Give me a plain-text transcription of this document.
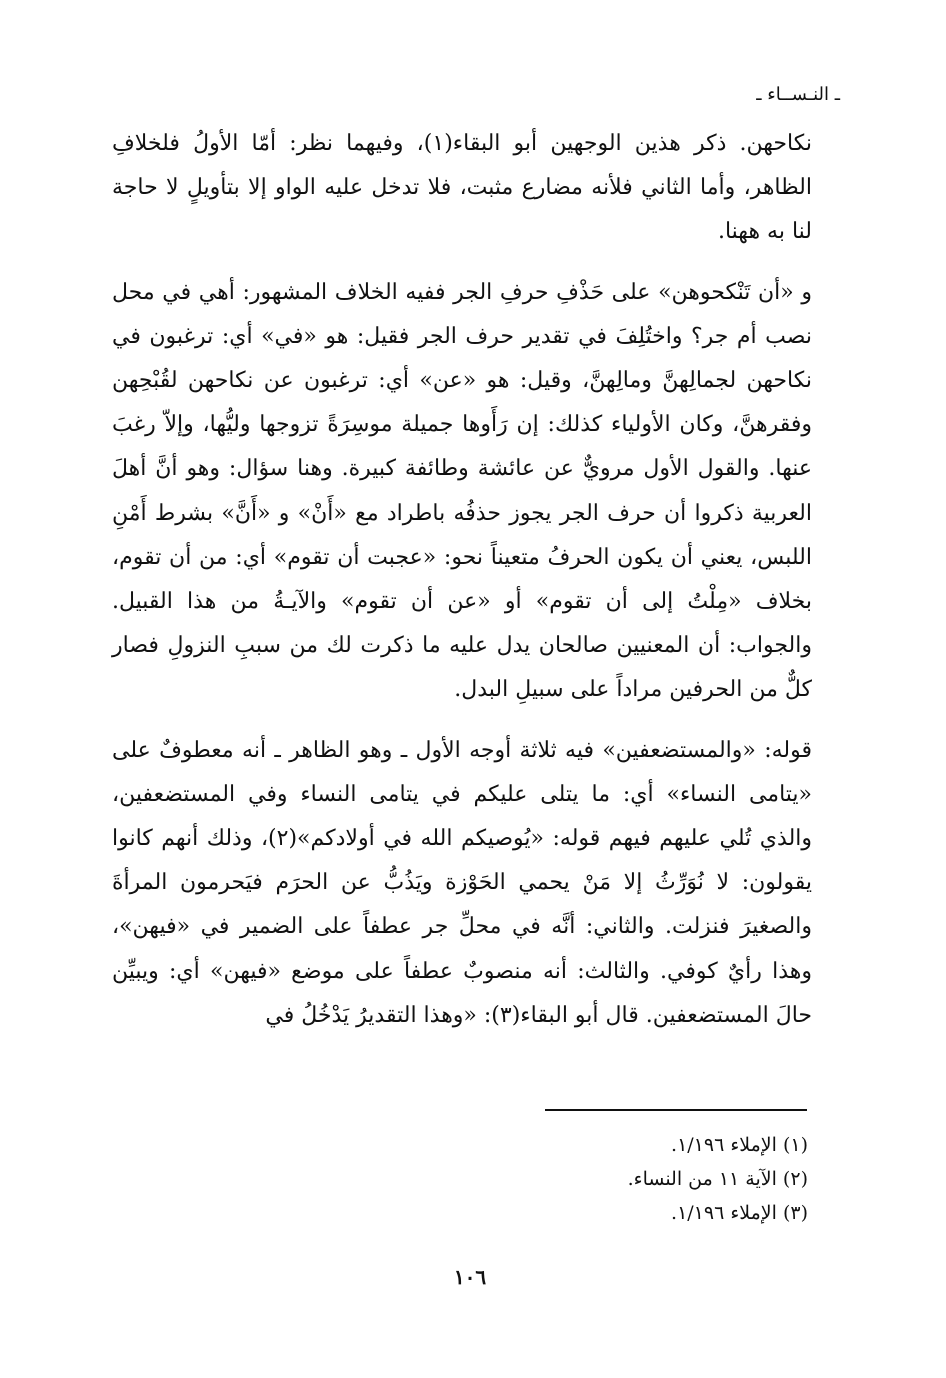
ـ النـســاء ـ

نكاحهن. ذكر هذين الوجهين أبو البقاء(١)، وفيهما نظر: أمّا الأولُ فلخلافِ الظاهر، وأما الثاني فلأنه مضارع مثبت، فلا تدخل عليه الواو إلا بتأويلٍ لا حاجة لنا به ههنا.

و «أن تَنْكحوهن» على حَذْفِ حرفِ الجر ففيه الخلاف المشهور: أهي في محل نصب أم جر؟ واختُلِفَ في تقدير حرف الجر فقيل: هو «في» أي: ترغبون في نكاحهن لجمالِهنَّ ومالِهنَّ، وقيل: هو «عن» أي: ترغبون عن نكاحهن لقُبْحِهن وفقرهنَّ، وكان الأولياء كذلك: إن رَأَوها جميلة موسِرَةً تزوجها وليُّها، وإلاّ رغبَ عنها. والقول الأول مرويٌّ عن عائشة وطائفة كبيرة. وهنا سؤال: وهو أنَّ أهلَ العربية ذكروا أن حرف الجر يجوز حذفُه باطراد مع «أَنْ» و «أَنَّ» بشرط أَمْنِ اللبس، يعني أن يكون الحرفُ متعيناً نحو: «عجبت أن تقوم» أي: من أن تقوم، بخلاف «مِلْتُ إلى أن تقوم» أو «عن أن تقوم» والآيـةُ من هذا القبيل. والجواب: أن المعنيين صالحان يدل عليه ما ذكرت لك من سببِ النزولِ فصار كلٌّ من الحرفين مراداً على سبيلِ البدل.

قوله: «والمستضعفين» فيه ثلاثة أوجه الأول ـ وهو الظاهر ـ أنه معطوفٌ على «يتامى النساء» أي: ما يتلى عليكم في يتامى النساء وفي المستضعفين، والذي تُلي عليهم فيهم قوله: «يُوصيكم الله في أولادكم»(٢)، وذلك أنهم كانوا يقولون: لا نُوَرِّثُ إلا مَنْ يحمي الحَوْزة ويَذُبُّ عن الحرَم فيَحرمون المرأةَ والصغيرَ فنزلت. والثاني: أنَّه في محلِّ جر عطفاً على الضمير في «فيهن»، وهذا رأيٌ كوفي. والثالث: أنه منصوبٌ عطفاً على موضع «فيهن» أي: ويبيِّن حالَ المستضعفين. قال أبو البقاء(٣): «وهذا التقديرُ يَدْخُلُ في

(١) الإملاء ١/١٩٦.

(٢) الآية ١١ من النساء.

(٣) الإملاء ١/١٩٦.

١٠٦
